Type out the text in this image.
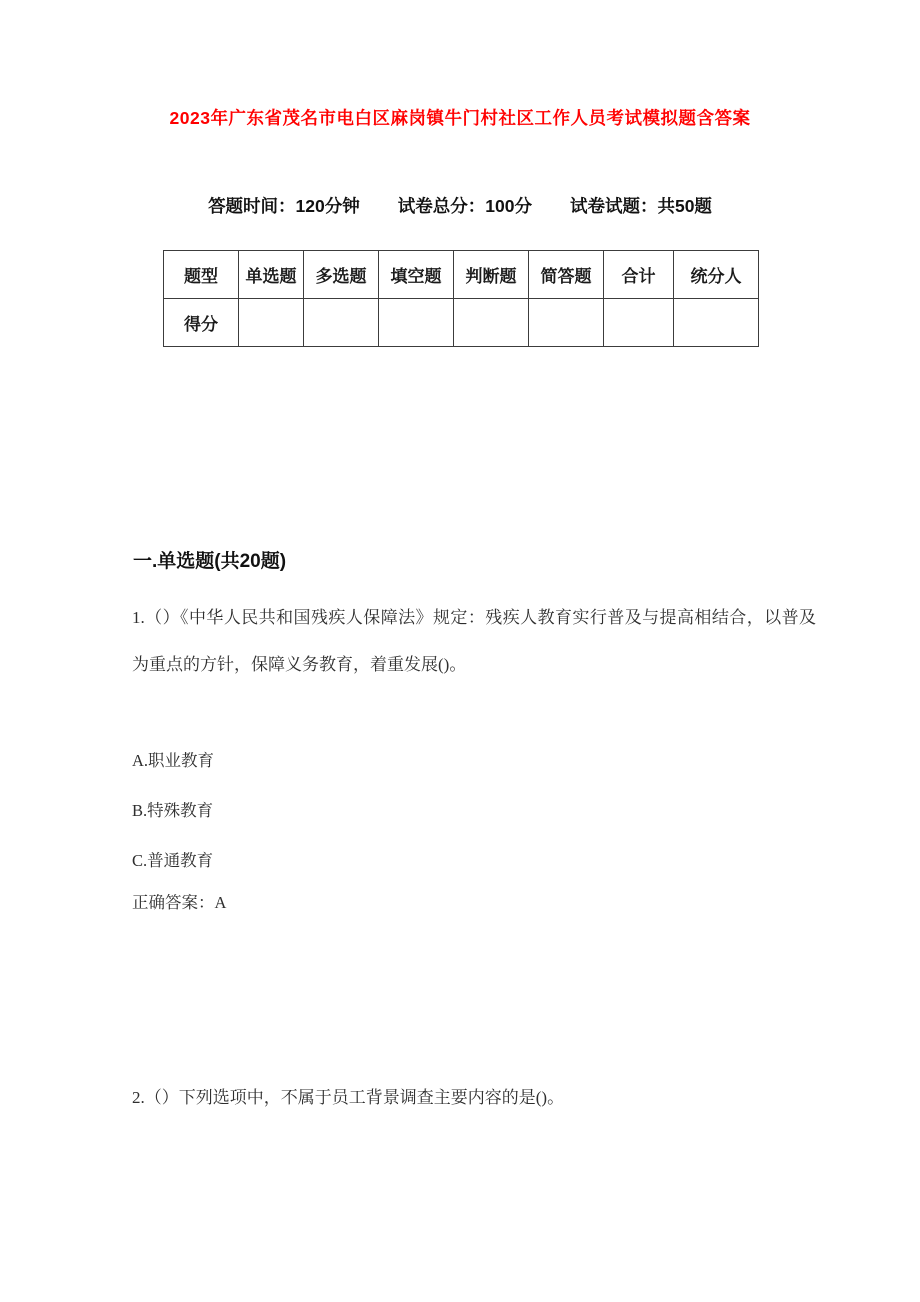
2023年广东省茂名市电白区麻岗镇牛门村社区工作人员考试模拟题含答案
答题时间：120分钟 试卷总分：100分 试卷试题：共50题
题型	单选题	多选题	填空题	判断题	简答题	合计	统分人
得分							
一.单选题(共20题)

1.（）《中华人民共和国残疾人保障法》规定：残疾人教育实行普及与提高相结合，以普及为重点的方针，保障义务教育，着重发展()。

A.职业教育

B.特殊教育

C.普通教育

正确答案：A

2.（）下列选项中，不属于员工背景调查主要内容的是()。
